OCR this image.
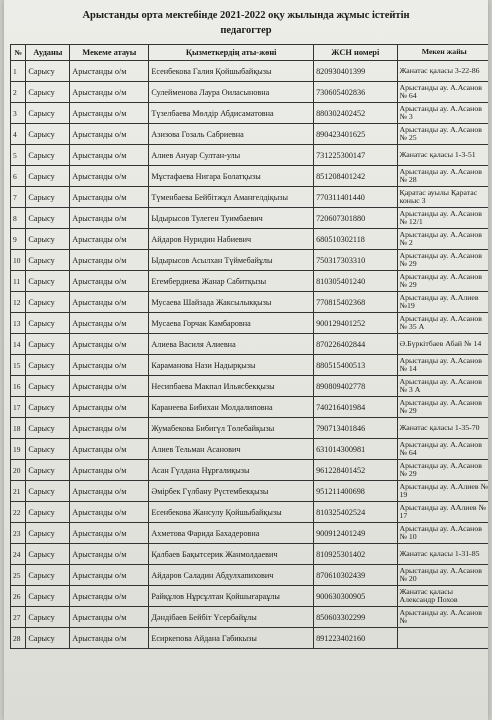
Арыстанды орта мектебінде 2021-2022 оқу жылында жұмыс істейтін
педагогтер
№	Ауданы	Мекеме атауы	Қызметкердің аты-жөні	ЖСН номері	Мекен жайы
1	Сарысу	Арыстанды о/м	Есенбекова Галия Қойшыбайқызы	820930401399	Жанатас қаласы 3-22-86
2	Сарысу	Арыстанды о/м	Сулейменова Лаура Оиласыновна	730605402836	Арыстанды ау. А.Асанов № 64
3	Сарысу	Арыстанды о/м	Түзелбаева Мөлдір Абдисаматовна	880302402452	Арыстанды ау. А.Асанов № 3
4	Сарысу	Арыстанды о/м	Азизова Гозаль Сабриевна	890423401625	Арыстанды ау. А.Асанов № 25
5	Сарысу	Арыстанды о/м	Алиев Ануар Султан-улы	731225300147	Жанатас қаласы 1-3-51
6	Сарысу	Арыстанды о/м	Мұстафаева Нигара Болатқызы	851208401242	Арыстанды ау. А.Асанов № 28
7	Сарысу	Арыстанды о/м	Түменбаева Бейбітжұл Аманғелдіқызы	770311401440	Қаратас ауылы Қаратас коныс 3
8	Сарысу	Арыстанды о/м	Ыдырысов Тулеген Туимбаевич	720607301880	Арыстанды ау. А.Асанов № 12/1
9	Сарысу	Арыстанды о/м	Айдаров Нуридин Набиевич	680510302118	Арыстанды ау. А.Асанов № 2
10	Сарысу	Арыстанды о/м	Ыдырысов Асылхан Түймебайұлы	750317303310	Арыстанды ау. А.Асанов № 29
11	Сарысу	Арыстанды о/м	Егембердиева Жанар Сабитқызы	810305401240	Арыстанды ау. А.Асанов № 29
12	Сарысу	Арыстанды о/м	Мусаева Шайзада Жаксылыкқызы	770815402368	Арыстанды ау. А.Алиев №19
13	Сарысу	Арыстанды о/м	Мусаева Горчак Камбаровна	900129401252	Арыстанды ау. А.Асанов № 35 А
14	Сарысу	Арыстанды о/м	Алиева Василя Алиевна	870226402844	Ә.Бүркітбаев Абай № 14
15	Сарысу	Арыстанды о/м	Караманова Нази Надырқызы	880515400513	Арыстанды ау. А.Асанов № 14
16	Сарысу	Арыстанды о/м	Несипбаева Макпал Ильясбекқызы	890809402778	Арыстанды ау. А.Асанов № 3 А
17	Сарысу	Арыстанды о/м	Каранеева Бибихан Молдалиповна	740216401984	Арыстанды ау. А.Асанов № 29
18	Сарысу	Арыстанды о/м	Жумабекова Бибигүл Төлебайқызы	790713401846	Жанатас қаласы 1-35-70
19	Сарысу	Арыстанды о/м	Алиев Тельман Асанович	631014300981	Арыстанды ау. А.Асанов № 64
20	Сарысу	Арыстанды о/м	Асан Гүлдана Нұрғалиқызы	961228401452	Арыстанды ау. А.Асанов № 29
21	Сарысу	Арыстанды о/м	Әмірбек Гүлбану Рүстембекқызы	951211400698	Арыстанды ау. А.Алиев № 19
22	Сарысу	Арыстанды о/м	Есенбекова Жансулу Қойшыбайқызы	810325402524	Арыстанды ау. ААлиев № 17
23	Сарысу	Арыстанды о/м	Ахметова Фарида Бахадеровна	900912401249	Арыстанды ау. А.Асанов № 10
24	Сарысу	Арыстанды о/м	Қалбаев Бақытсерик Жанмолдаевич	810925301402	Жанатас қаласы 1-31-85
25	Сарысу	Арыстанды о/м	Айдаров Саладин Абдулхапихович	870610302439	Арыстанды ау. А.Асанов № 20
26	Сарысу	Арыстанды о/м	Райқұлов Нұрсұлтан Қойшығараұлы	900630300905	Жанатас қаласы Александр Похов
27	Сарысу	Арыстанды о/м	Дәндібаев Бейбіт Үсербайұлы	850603302299	Арыстанды ау. А.Асанов №
28	Сарысу	Арыстанды о/м	Есиркепова Айдана Габикызы	891223402160	
